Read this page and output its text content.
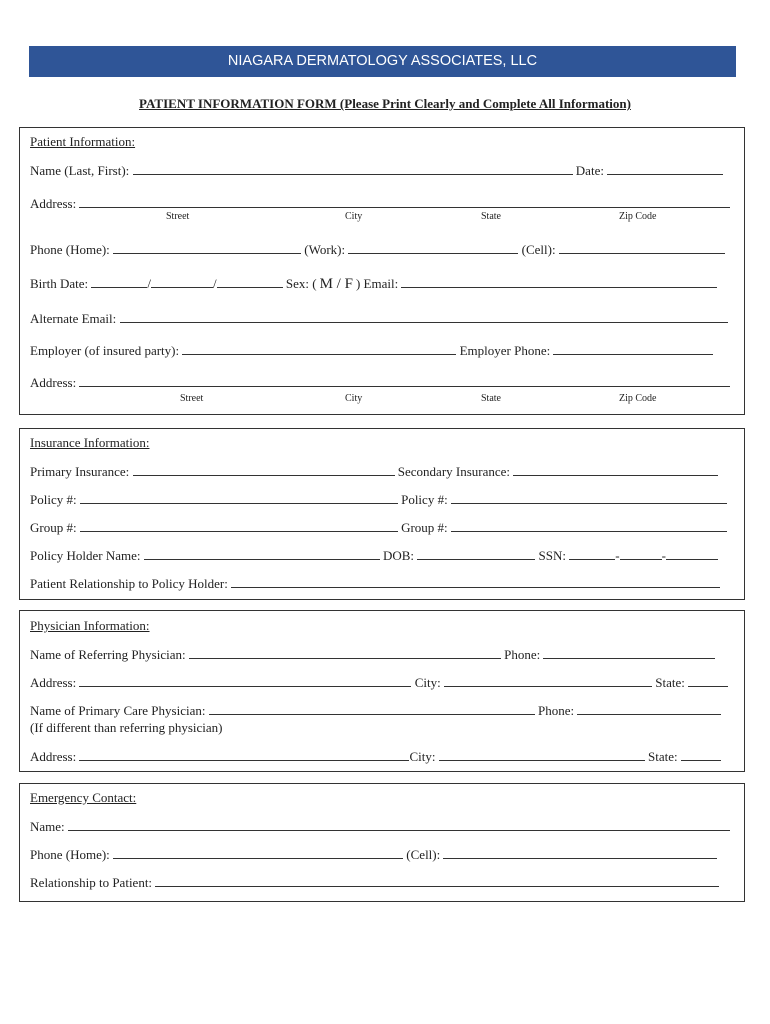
NIAGARA DERMATOLOGY ASSOCIATES, LLC
PATIENT INFORMATION FORM (Please Print Clearly and Complete All Information)
Patient Information:
Name (Last, First):	Date:
Address:
Street	City	State	Zip Code
Phone (Home):	(Work):	(Cell):
Birth Date:	/	/	Sex: ( M / F ) Email:
Alternate Email:
Employer (of insured party):	Employer Phone:
Address:
Street	City	State	Zip Code
Insurance Information:
Primary Insurance:	Secondary Insurance:
Policy #:	Policy #:
Group #:	Group #:
Policy Holder Name:	DOB:	SSN:	-	-
Patient Relationship to Policy Holder:
Physician Information:
Name of Referring Physician:	Phone:
Address:	City:	State:
Name of Primary Care Physician:	Phone:
(If different than referring physician)
Address:	City:	State:
Emergency Contact:
Name:
Phone (Home):	(Cell):
Relationship to Patient:
